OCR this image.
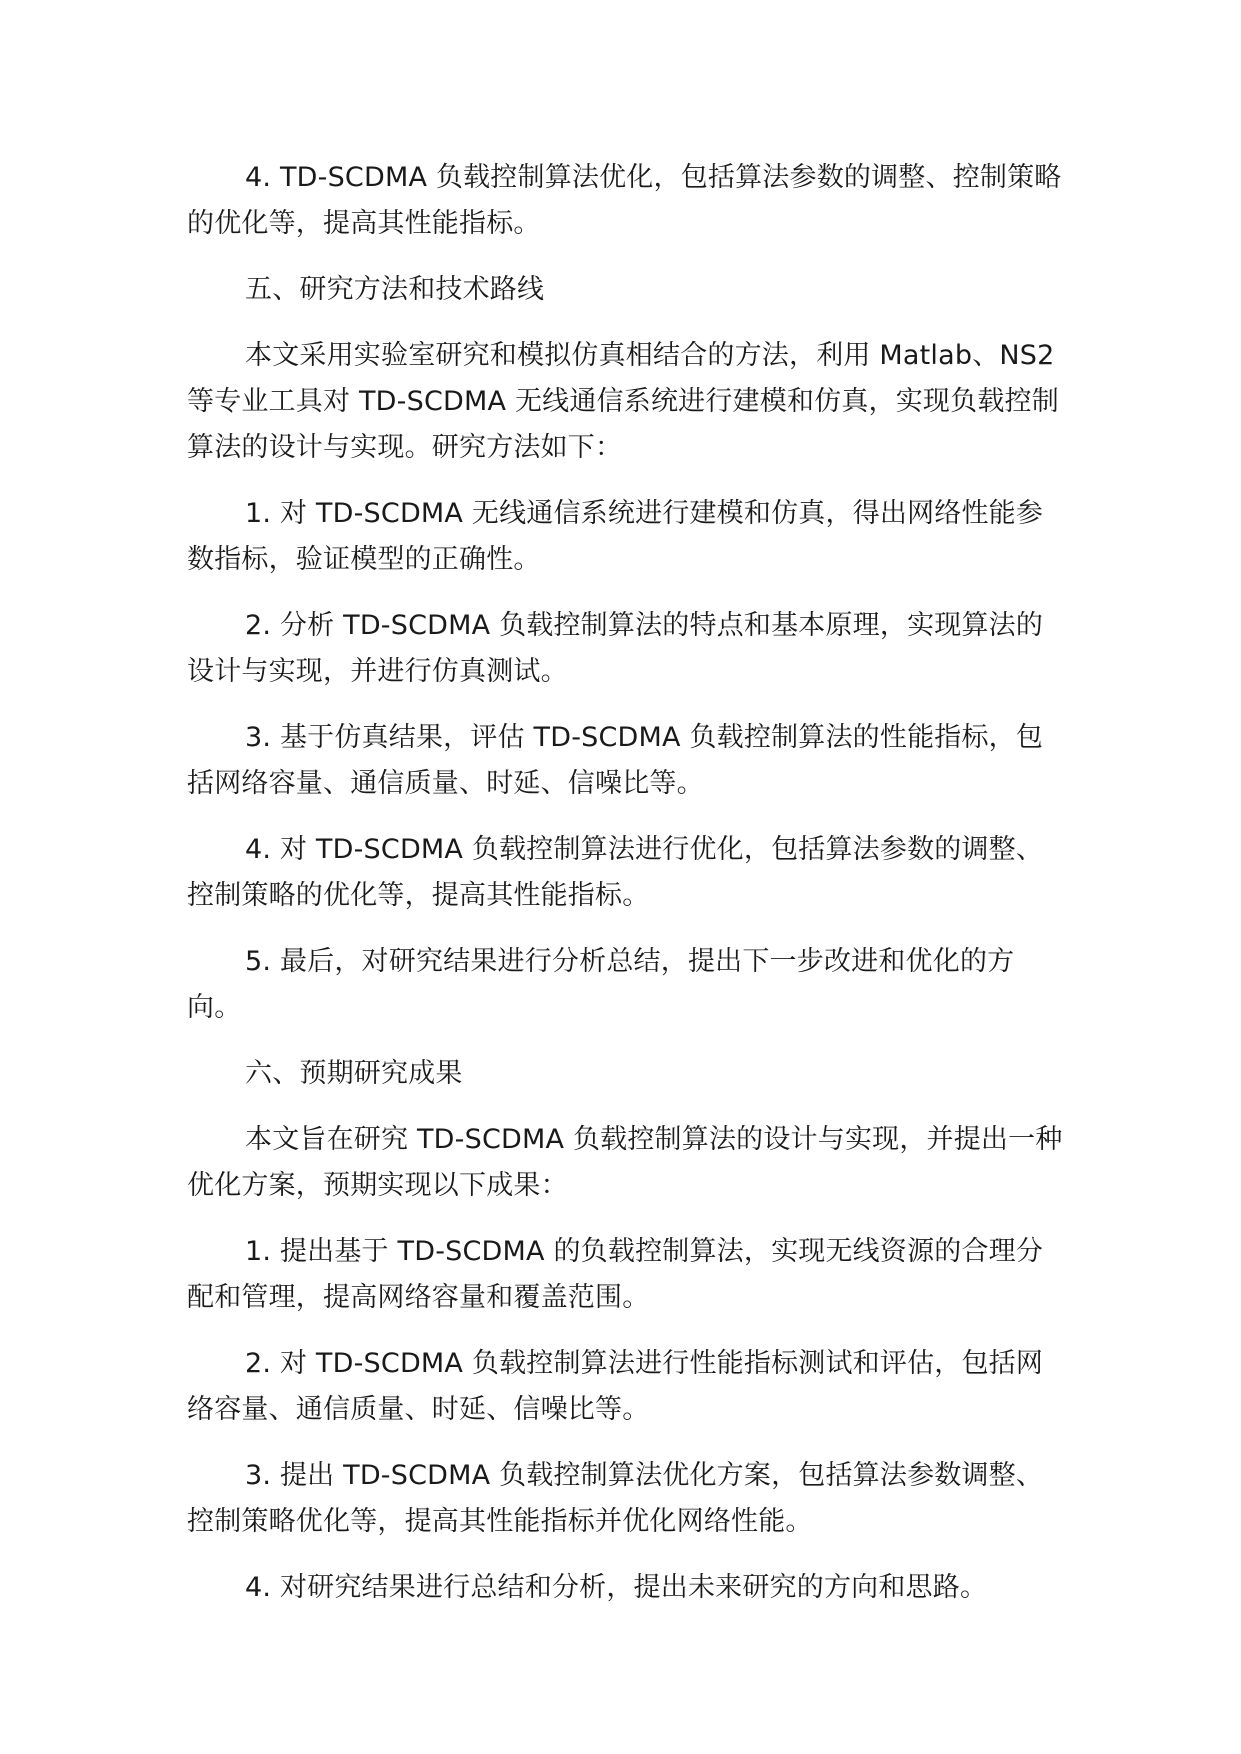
4. TD-SCDMA 负载控制算法优化，包括算法参数的调整、控制策略的优化等，提高其性能指标。

五、研究方法和技术路线

本文采用实验室研究和模拟仿真相结合的方法，利用 Matlab、NS2 等专业工具对 TD-SCDMA 无线通信系统进行建模和仿真，实现负载控制算法的设计与实现。研究方法如下：

1. 对 TD-SCDMA 无线通信系统进行建模和仿真，得出网络性能参数指标，验证模型的正确性。

2. 分析 TD-SCDMA 负载控制算法的特点和基本原理，实现算法的设计与实现，并进行仿真测试。

3. 基于仿真结果，评估 TD-SCDMA 负载控制算法的性能指标，包括网络容量、通信质量、时延、信噪比等。

4. 对 TD-SCDMA 负载控制算法进行优化，包括算法参数的调整、控制策略的优化等，提高其性能指标。

5. 最后，对研究结果进行分析总结，提出下一步改进和优化的方向。

六、预期研究成果

本文旨在研究 TD-SCDMA 负载控制算法的设计与实现，并提出一种优化方案，预期实现以下成果：

1. 提出基于 TD-SCDMA 的负载控制算法，实现无线资源的合理分配和管理，提高网络容量和覆盖范围。

2. 对 TD-SCDMA 负载控制算法进行性能指标测试和评估，包括网络容量、通信质量、时延、信噪比等。

3. 提出 TD-SCDMA 负载控制算法优化方案，包括算法参数调整、控制策略优化等，提高其性能指标并优化网络性能。

4. 对研究结果进行总结和分析，提出未来研究的方向和思路。
